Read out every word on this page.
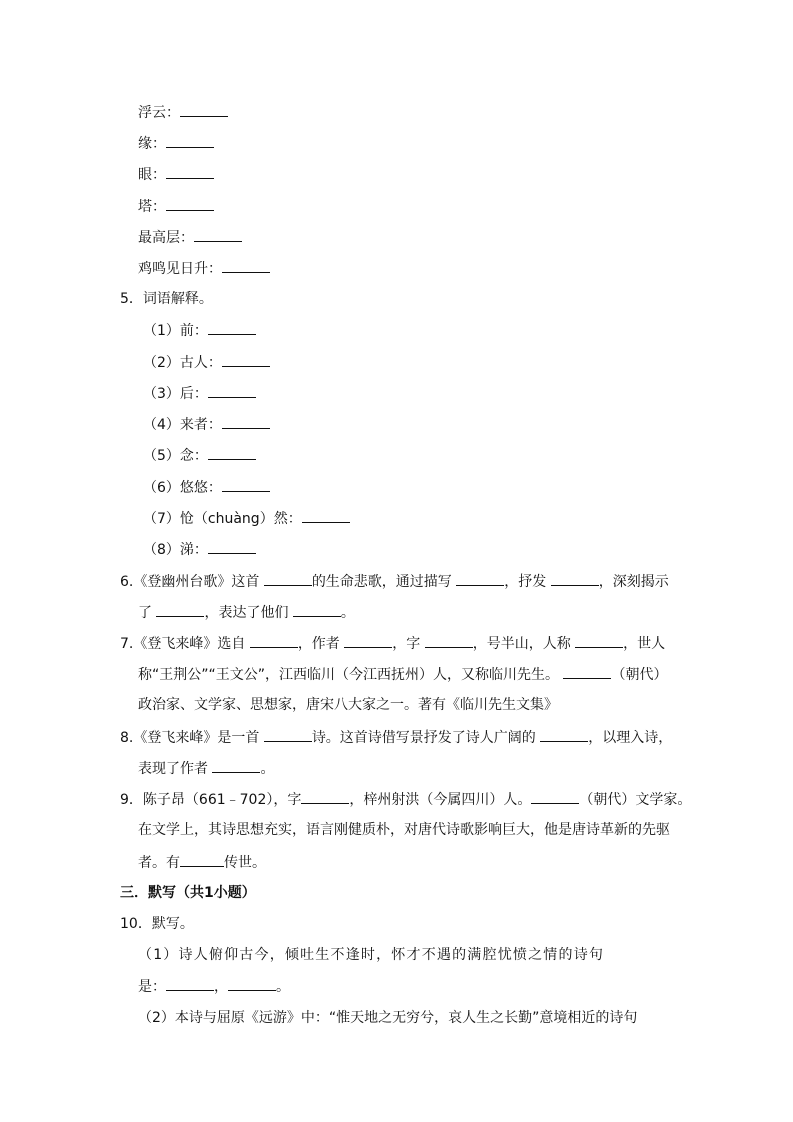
浮云：
缘：
眼：
塔：
最高层：
鸡鸣见日升：
5．词语解释。
（1）前：
（2）古人：
（3）后：
（4）来者：
（5）念：
（6）悠悠：
（7）怆（chuàng）然：
（8）涕：
6.《登幽州台歌》这首	的生命悲歌，通过描写	，抒发	，深刻揭示
了	，表达了他们	。
7.《登飞来峰》选自	，作者	，字	，号半山，人称	，世人
称“王荆公”“王文公”，江西临川（今江西抚州）人，又称临川先生。	（朝代）
政治家、文学家、思想家，唐宋八大家之一。著有《临川先生文集》
8.《登飞来峰》是一首	诗。这首诗借写景抒发了诗人广阔的	，以理入诗，
表现了作者	。
9．陈子昂（661﹣702），字	，梓州射洪（今属四川）人。	（朝代）文学家。
在文学上，其诗思想充实，语言刚健质朴，对唐代诗歌影响巨大，他是唐诗革新的先驱
者。有	传世。
三．默写（共1小题）
10．默写。
（1）诗人俯仰古今，倾吐生不逢时，怀才不遇的满腔忧愤之情的诗句
是：	，	。
（2）本诗与屈原《远游》中：“惟天地之无穷兮，哀人生之长勤”意境相近的诗句
